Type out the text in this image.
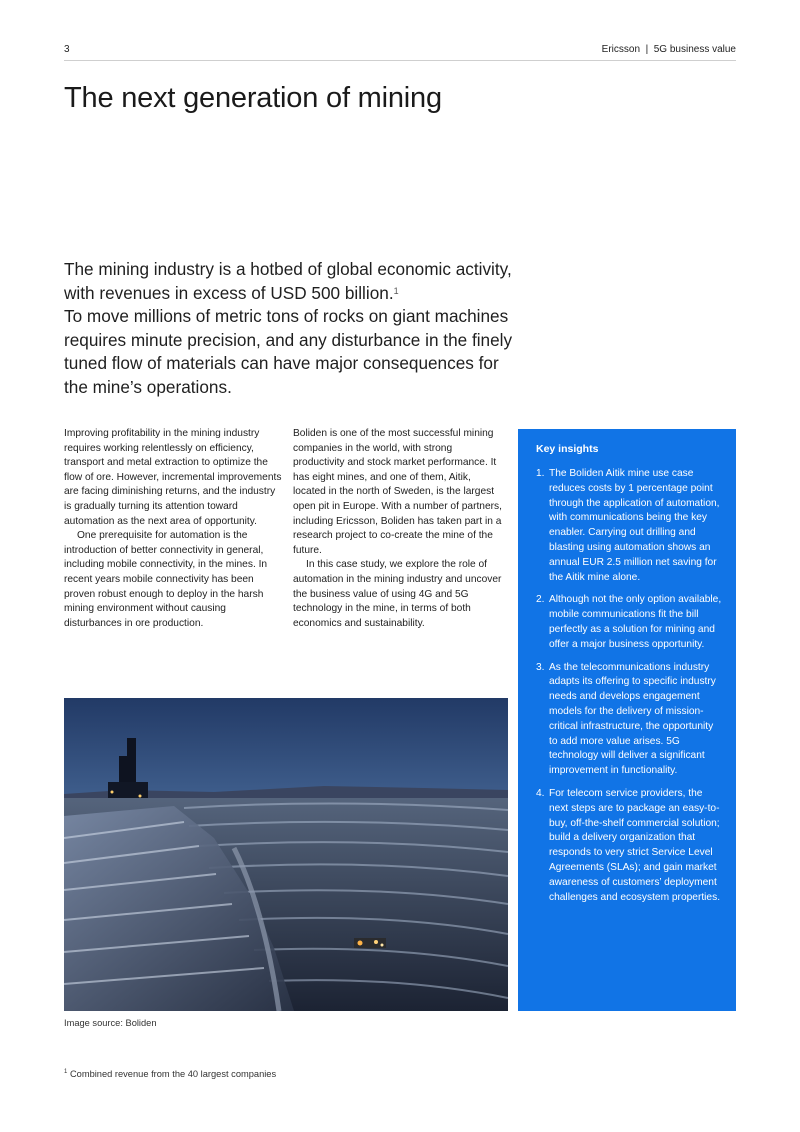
3	Ericsson  |  5G business value
The next generation of mining

The mining industry is a hotbed of global economic activity, with revenues in excess of USD 500 billion.$^1$
To move millions of metric tons of rocks on giant machines requires minute precision, and any disturbance in the finely tuned flow of materials can have major consequences for the mine’s operations.

Improving profitability in the mining industry requires working relentlessly on efficiency, transport and metal extraction to optimize the flow of ore. However, incremental improvements are facing diminishing returns, and the industry is gradually turning its attention toward automation as the next area of opportunity.

One prerequisite for automation is the introduction of better connectivity in general, including mobile connectivity, in the mines. In recent years mobile connectivity has been proven robust enough to deploy in the harsh mining environment without causing disturbances in ore production.

Boliden is one of the most successful mining companies in the world, with strong productivity and stock market performance. It has eight mines, and one of them, Aitik, located in the north of Sweden, is the largest open pit in Europe. With a number of partners, including Ericsson, Boliden has taken part in a research project to co-create the mine of the future.

In this case study, we explore the role of automation in the mining industry and uncover the business value of using 4G and 5G technology in the mine, in terms of both economics and sustainability.

Key insights
1. The Boliden Aitik mine use case reduces costs by 1 percentage point through the application of automation, with communications being the key enabler. Carrying out drilling and blasting using automation shows an annual EUR 2.5 million net saving for the Aitik mine alone.
2. Although not the only option available, mobile communications fit the bill perfectly as a solution for mining and offer a major business opportunity.
3. As the telecommunications industry adapts its offering to specific industry needs and develops engagement models for the delivery of mission-critical infrastructure, the opportunity to add more value arises. 5G technology will deliver a significant improvement in functionality.
4. For telecom service providers, the next steps are to package an easy-to-buy, off-the-shelf commercial solution; build a delivery organization that responds to very strict Service Level Agreements (SLAs); and gain market awareness of customers’ deployment challenges and ecosystem properties.
Image source: Boliden
$^1$ Combined revenue from the 40 largest companies
